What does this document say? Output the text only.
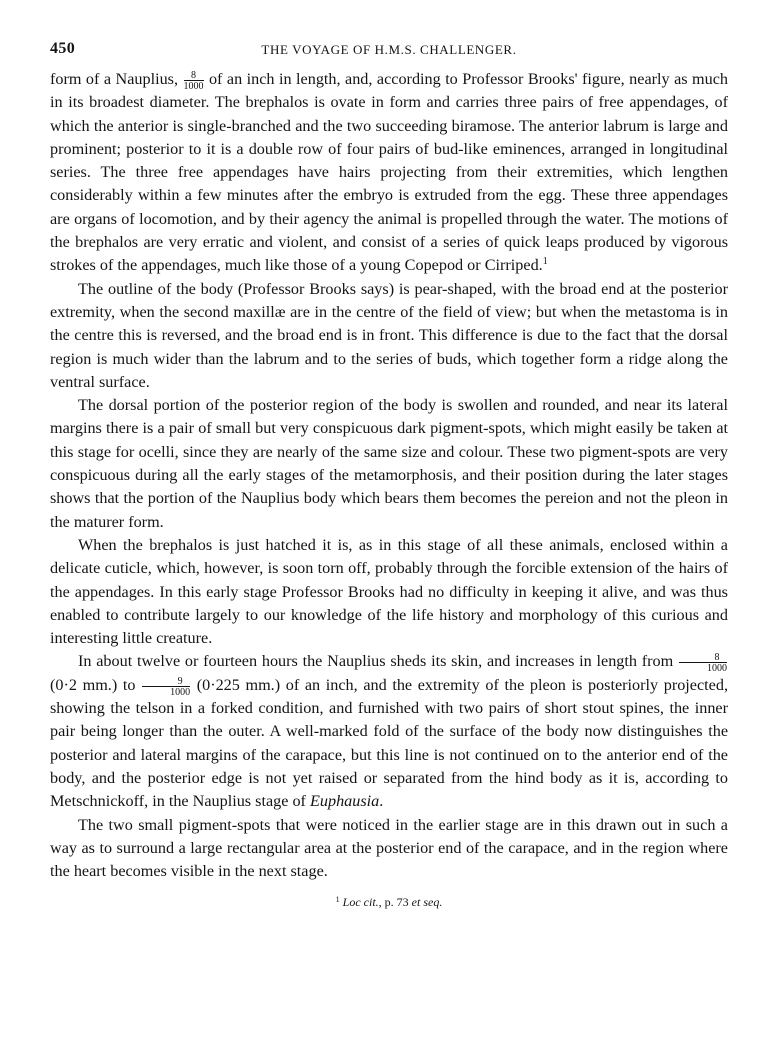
450	THE VOYAGE OF H.M.S. CHALLENGER.

form of a Nauplius, $\frac{8}{1000}$ of an inch in length, and, according to Professor Brooks' figure, nearly as much in its broadest diameter. The brephalos is ovate in form and carries three pairs of free appendages, of which the anterior is single-branched and the two succeeding biramose. The anterior labrum is large and prominent; posterior to it is a double row of four pairs of bud-like eminences, arranged in longitudinal series. The three free appendages have hairs projecting from their extremities, which lengthen considerably within a few minutes after the embryo is extruded from the egg. These three appendages are organs of locomotion, and by their agency the animal is propelled through the water. The motions of the brephalos are very erratic and violent, and consist of a series of quick leaps produced by vigorous strokes of the appendages, much like those of a young Copepod or Cirriped.$^1$

The outline of the body (Professor Brooks says) is pear-shaped, with the broad end at the posterior extremity, when the second maxillæ are in the centre of the field of view; but when the metastoma is in the centre this is reversed, and the broad end is in front. This difference is due to the fact that the dorsal region is much wider than the labrum and to the series of buds, which together form a ridge along the ventral surface.

The dorsal portion of the posterior region of the body is swollen and rounded, and near its lateral margins there is a pair of small but very conspicuous dark pigment-spots, which might easily be taken at this stage for ocelli, since they are nearly of the same size and colour. These two pigment-spots are very conspicuous during all the early stages of the metamorphosis, and their position during the later stages shows that the portion of the Nauplius body which bears them becomes the pereion and not the pleon in the maturer form.

When the brephalos is just hatched it is, as in this stage of all these animals, enclosed within a delicate cuticle, which, however, is soon torn off, probably through the forcible extension of the hairs of the appendages. In this early stage Professor Brooks had no difficulty in keeping it alive, and was thus enabled to contribute largely to our knowledge of the life history and morphology of this curious and interesting little creature.

In about twelve or fourteen hours the Nauplius sheds its skin, and increases in length from $\frac{8}{1000}$
(0·2 mm.) to $\frac{9}{1000} (0\cdot 225$ mm.) of an inch, and the extremity of the pleon is posteriorly projected, showing the telson in a forked condition, and furnished with two pairs of short stout spines, the inner pair being longer than the outer. A well-marked fold of the surface of the body now distinguishes the posterior and lateral margins of the carapace, but this line is not continued on to the anterior end of the body, and the posterior edge is not yet raised or separated from the hind body as it is, according to Metschnickoff, in the Nauplius stage of Euphausia.

The two small pigment-spots that were noticed in the earlier stage are in this drawn out in such a way as to surround a large rectangular area at the posterior end of the carapace, and in the region where the heart becomes visible in the next stage.

$^1$ Loc cit., p. 73 et seq.
